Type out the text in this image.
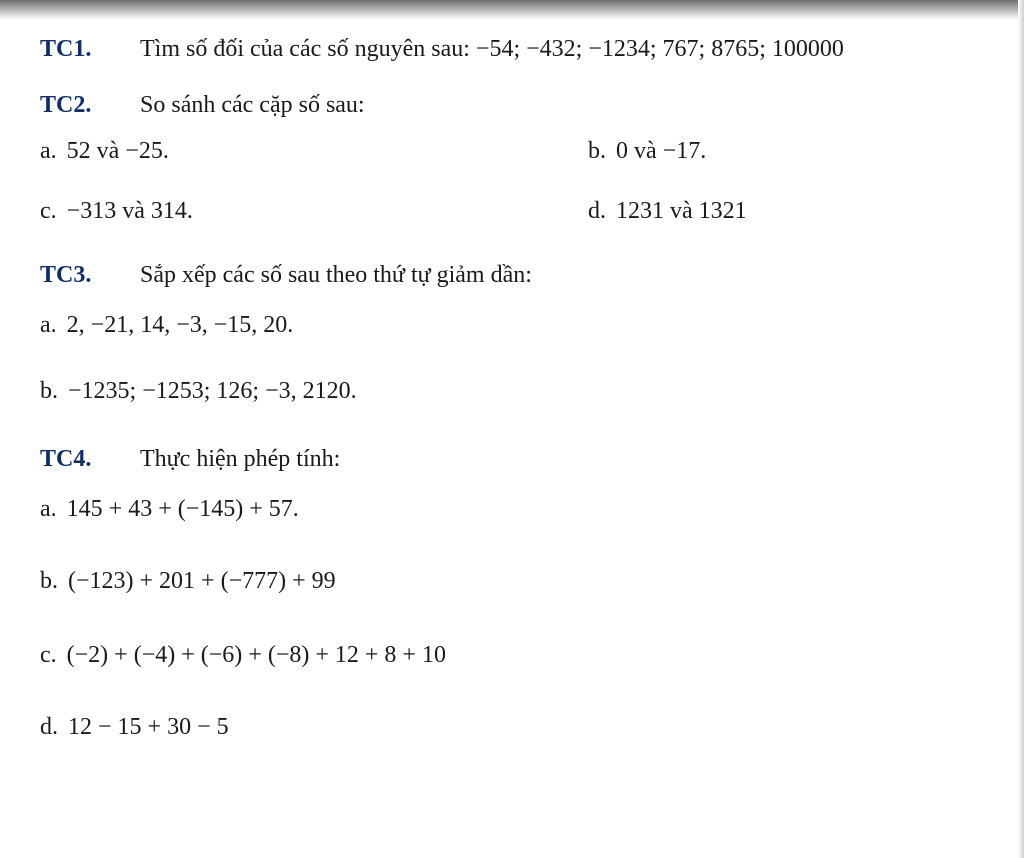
TC1. Tìm số đối của các số nguyên sau: −54; −432; −1234; 767; 8765; 100000
TC2. So sánh các cặp số sau:
a. 52 và −25.	b. 0 và −17.
c. −313 và 314.	d. 1231 và 1321
TC3. Sắp xếp các số sau theo thứ tự giảm dần:
a. 2, −21, 14, −3, −15, 20.
b. −1235; −1253; 126; −3, 2120.
TC4. Thực hiện phép tính:
a. 145 + 43 + (−145) + 57.
b. (−123) + 201 + (−777) + 99
c. (−2) + (−4) + (−6) + (−8) + 12 + 8 + 10
d. 12 − 15 + 30 − 5
